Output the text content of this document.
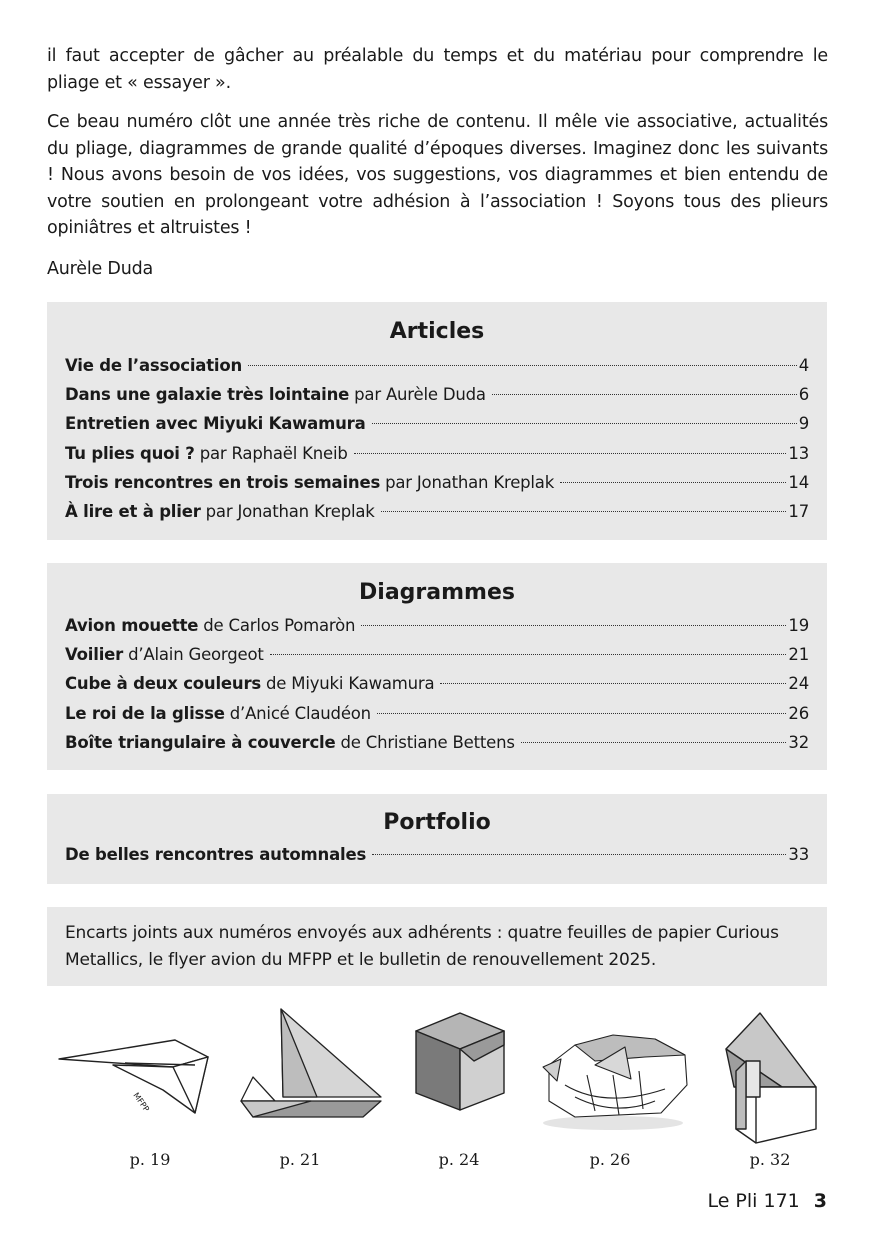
il faut accepter de gâcher au préalable du temps et du matériau pour comprendre le pliage et « essayer ».

Ce beau numéro clôt une année très riche de contenu. Il mêle vie associative, actualités du pliage, diagrammes de grande qualité d’époques diverses. Imaginez donc les suivants ! Nous avons besoin de vos idées, vos suggestions, vos diagrammes et bien entendu de votre soutien en prolongeant votre adhésion à l’association ! Soyons tous des plieurs opiniâtres et altruistes !

Aurèle Duda

Articles
Vie de l’association	4
Dans une galaxie très lointaine par Aurèle Duda	6
Entretien avec Miyuki Kawamura	9
Tu plies quoi ? par Raphaël Kneib	13
Trois rencontres en trois semaines par Jonathan Kreplak	14
À lire et à plier par Jonathan Kreplak	17
Diagrammes
Avion mouette de Carlos Pomaròn	19
Voilier d’Alain Georgeot	21
Cube à deux couleurs de Miyuki Kawamura	24
Le roi de la glisse d’Anicé Claudéon	26
Boîte triangulaire à couvercle de Christiane Bettens	32
Portfolio
De belles rencontres automnales	33

Encarts joints aux numéros envoyés aux adhérents : quatre feuilles de papier Curious Metallics, le flyer avion du MFPP et le bulletin de renouvellement 2025.

MFPP
p. 19	p. 21	p. 24	p. 26	p. 32
Le Pli 171 3
